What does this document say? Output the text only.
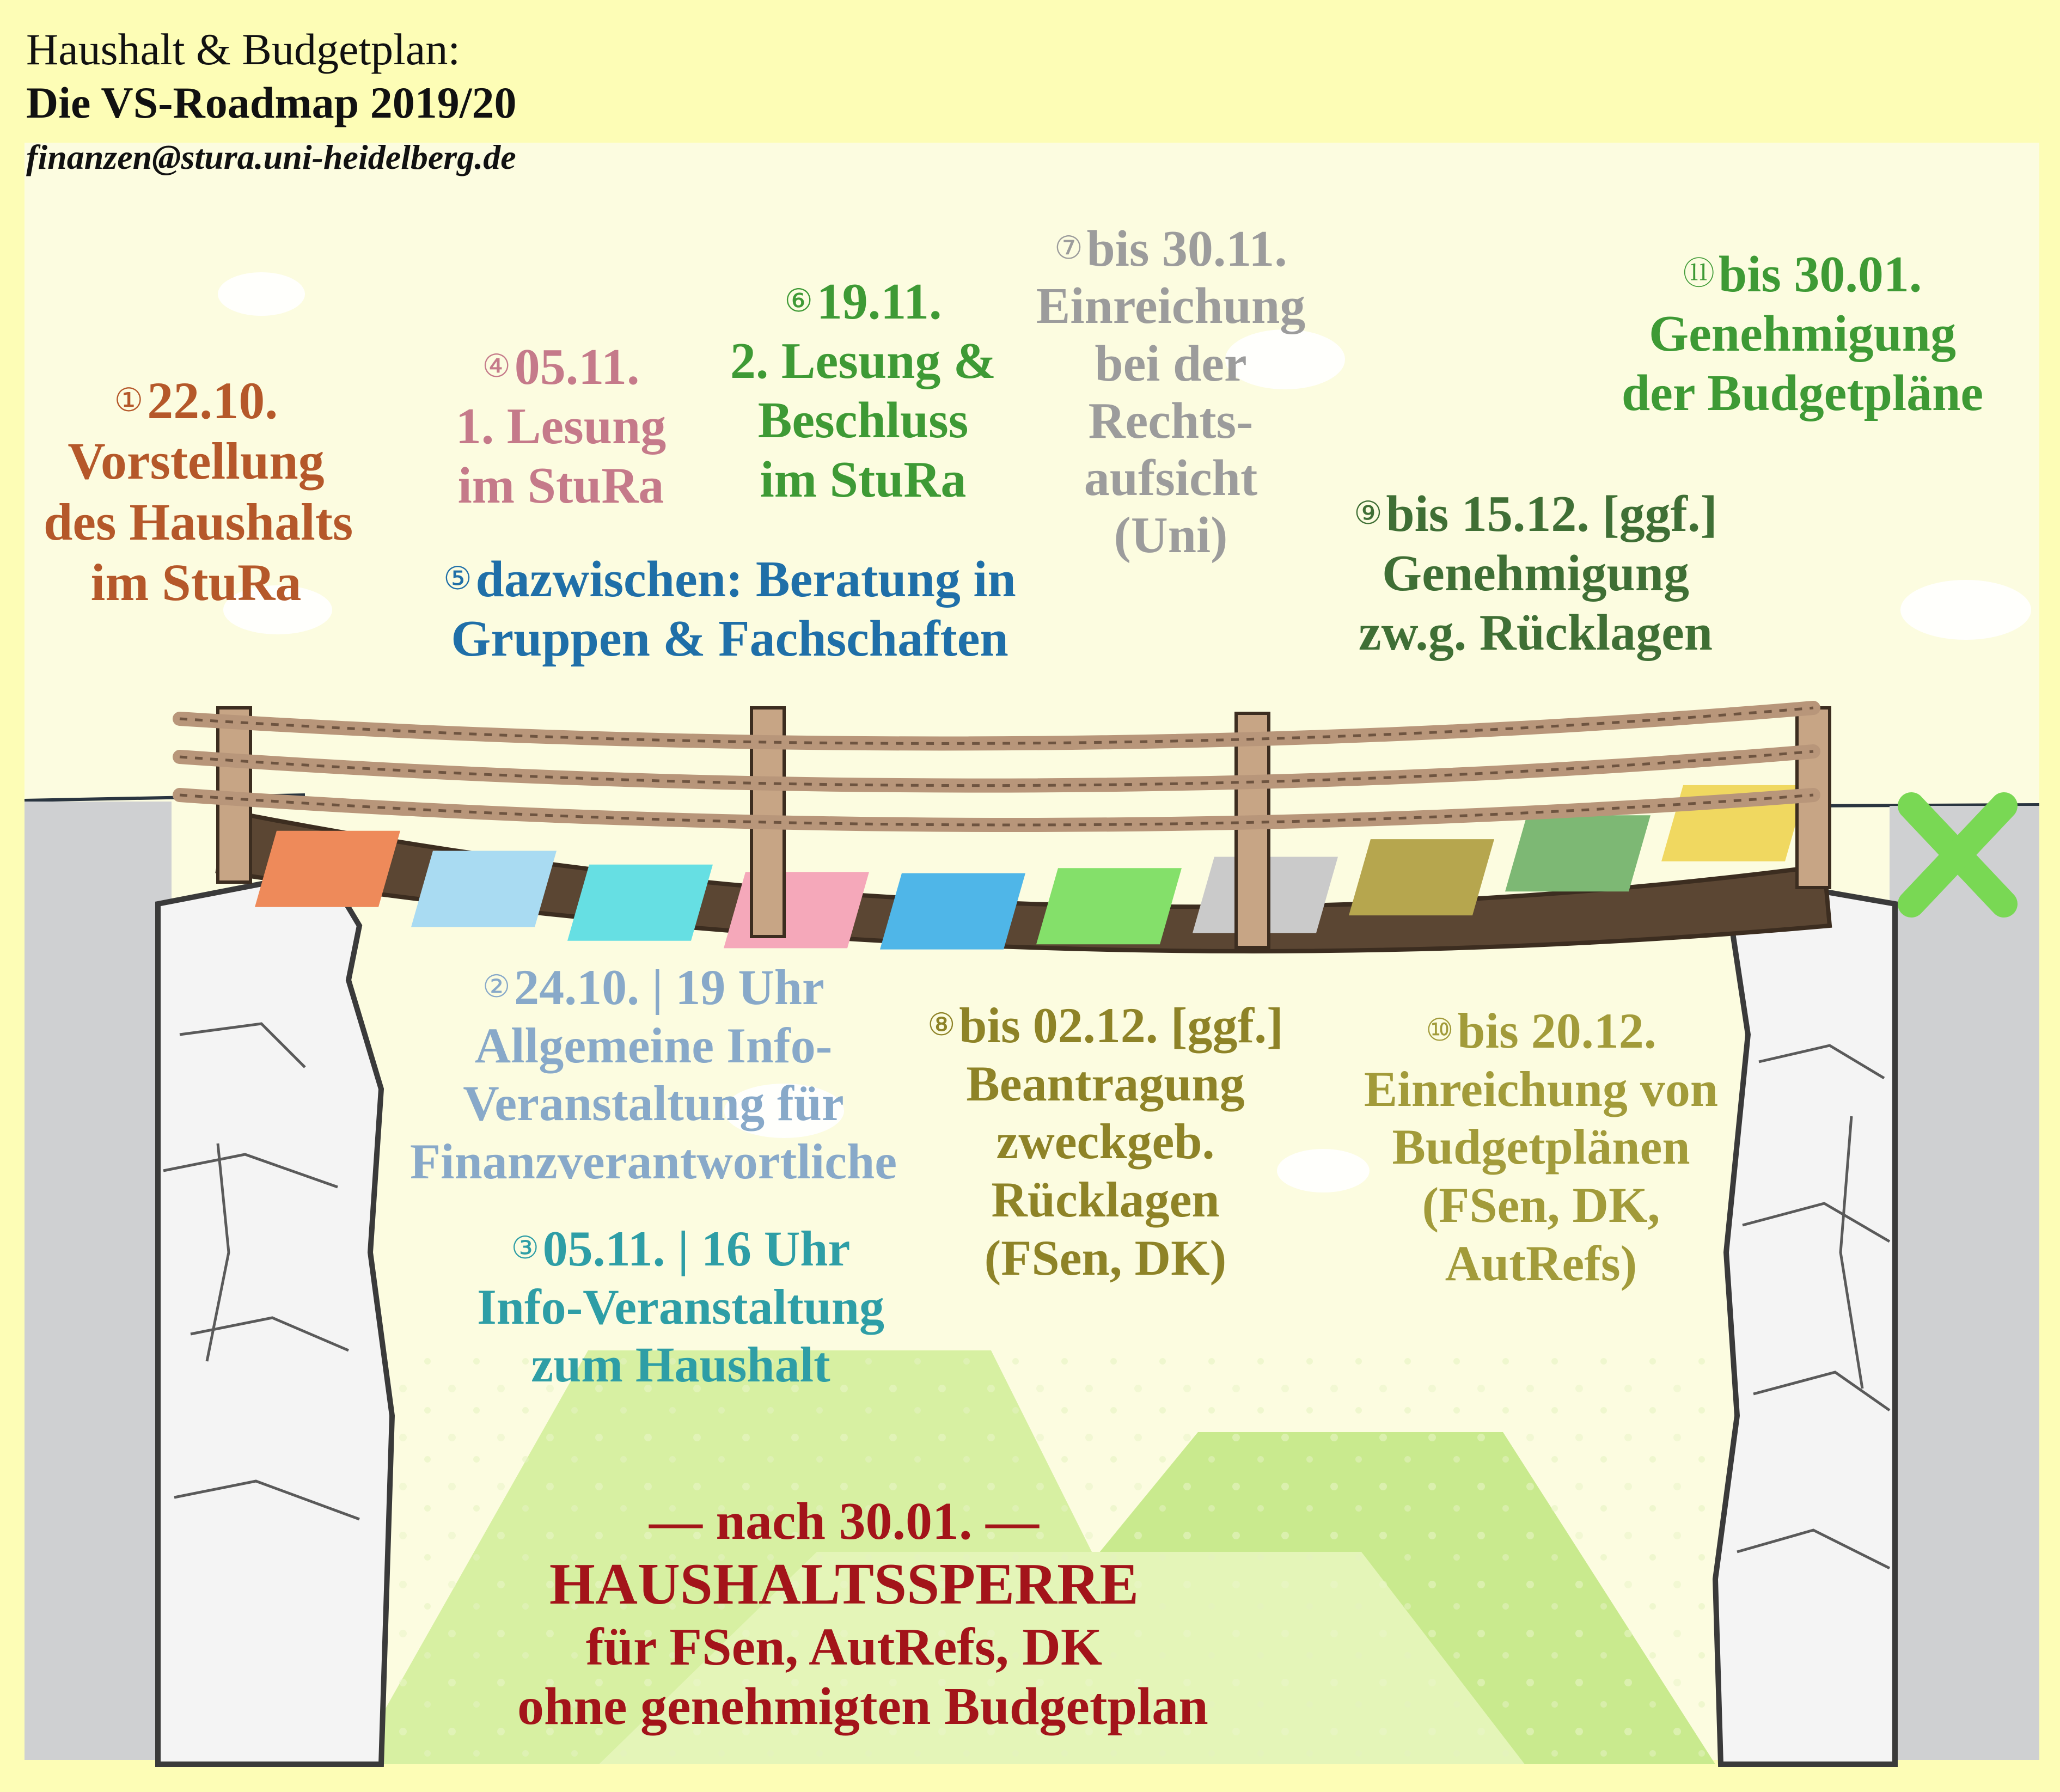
Haushalt & Budgetplan:
Die VS-Roadmap 2019/20
finanzen@stura.uni-heidelberg.de
①22.10.
Vorstellung
des Haushalts
im StuRa
②24.10. | 19 Uhr
Allgemeine Info-
Veranstaltung für
Finanzverantwortliche
③05.11. | 16 Uhr
Info-Veranstaltung
zum Haushalt
④05.11.
1. Lesung
im StuRa
⑤dazwischen: Beratung in
Gruppen & Fachschaften
⑥19.11.
2. Lesung &
Beschluss
im StuRa
⑦bis 30.11.
Einreichung
bei der
Rechts-
aufsicht
(Uni)
⑧bis 02.12. [ggf.]
Beantragung
zweckgeb.
Rücklagen
(FSen, DK)
⑨bis 15.12. [ggf.]
Genehmigung
zw.g. Rücklagen
⑩bis 20.12.
Einreichung von
Budgetplänen
(FSen, DK,
AutRefs)
⑪bis 30.01.
Genehmigung
der Budgetpläne
— nach 30.01. —
HAUSHALTSSPERRE
für FSen, AutRefs, DK
ohne genehmigten Budgetplan
